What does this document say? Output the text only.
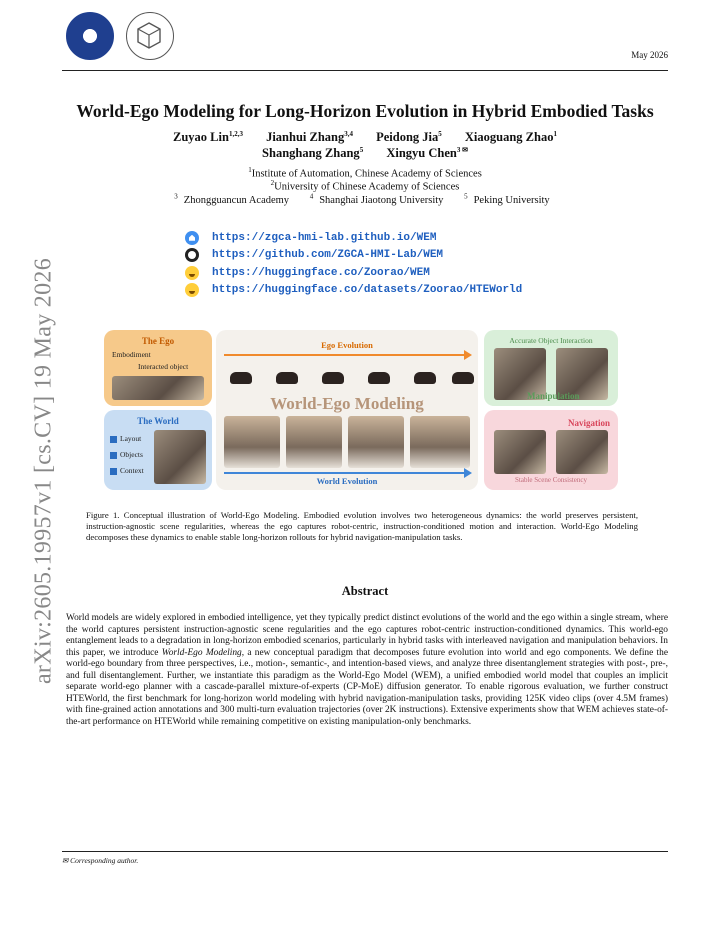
May 2026
arXiv:2605.19957v1 [cs.CV] 19 May 2026
World-Ego Modeling for Long-Horizon Evolution in Hybrid Embodied Tasks
Zuyao Lin$^{1,2,3}$ Jianhui Zhang$^{3,4}$ Peidong Jia$^5$ Xiaoguang Zhao$^1$
Shanghang Zhang$^5$ Xingyu Chen$^{3 ✉}$
$^1$Institute of Automation, Chinese Academy of Sciences
$^2$University of Chinese Academy of Sciences
$^3$ Zhongguancun Academy	$^4$ Shanghai Jiaotong University	$^5$ Peking University
https://zgca-hmi-lab.github.io/WEM
https://github.com/ZGCA-HMI-Lab/WEM
https://huggingface.co/Zoorao/WEM
https://huggingface.co/datasets/Zoorao/HTEWorld
The Ego
Embodiment
Interacted object
The World
Layout
Objects
Context
Ego Evolution
World-Ego Modeling
World Evolution
Accurate Object Interaction
Manipulation
Navigation
Stable Scene Consistency
Figure 1. Conceptual illustration of World-Ego Modeling. Embodied evolution involves two heterogeneous dynamics: the world preserves persistent, instruction-agnostic scene regularities, whereas the ego captures robot-centric, instruction-conditioned motion and interaction. World-Ego Modeling decomposes these dynamics to enable stable long-horizon rollouts for hybrid navigation-manipulation tasks.
Abstract
World models are widely explored in embodied intelligence, yet they typically predict distinct evolutions of the world and the ego within a single stream, where the world captures persistent instruction-agnostic scene regularities and the ego captures robot-centric instruction-conditioned dynamics. This world-ego entanglement leads to a degradation in long-horizon embodied scenarios, particularly in hybrid tasks with interleaved navigation and manipulation behaviors. In this paper, we introduce World-Ego Modeling, a new conceptual paradigm that decomposes future evolution into world and ego components. We define the world-ego boundary from three perspectives, i.e., motion-, semantic-, and intention-based views, and analyze three disentanglement strategies with post-, pre-, and full disentanglement. Further, we instantiate this paradigm as the World-Ego Model (WEM), a unified embodied world model that couples an implicit separate world-ego planner with a cascade-parallel mixture-of-experts (CP-MoE) diffusion generator. To enable rigorous evaluation, we further construct HTEWorld, the first benchmark for long-horizon world modeling with hybrid navigation-manipulation tasks, providing 125K video clips (over 4.5M frames) with fine-grained action annotations and 300 multi-turn evaluation trajectories (over 2K instructions). Extensive experiments show that WEM achieves state-of-the-art performance on HTEWorld while remaining competitive on existing manipulation-only benchmarks.
✉ Corresponding author.
